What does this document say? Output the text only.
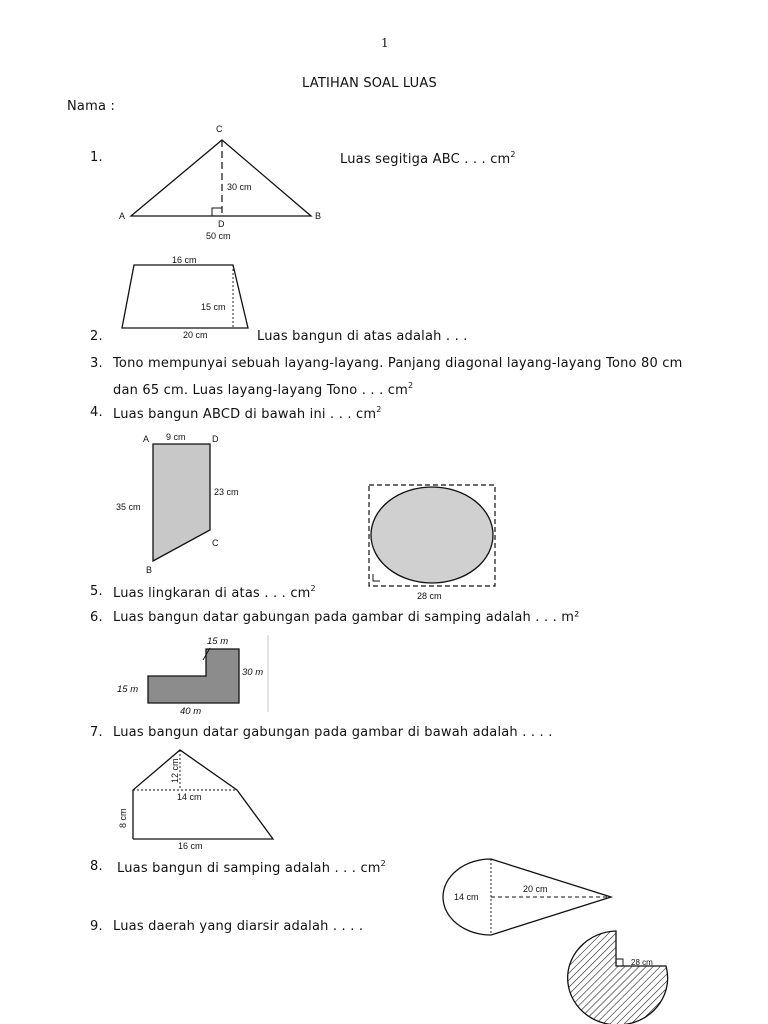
1
LATIHAN SOAL LUAS
Nama :
1.	Luas segitiga ABC . . . $cm^2$
2.	Luas bangun di atas adalah . . .
3. Tono mempunyai sebuah layang-layang. Panjang diagonal layang-layang Tono 80 cm
dan 65 cm. Luas layang-layang Tono . . . $cm^2$
4. Luas bangun ABCD di bawah ini . . . $cm^2$
5. Luas lingkaran di atas . . . $cm^2$
6. Luas bangun datar gabungan pada gambar di samping adalah . . . m²
7. Luas bangun datar gabungan pada gambar di bawah adalah . . . .
8. Luas bangun di samping adalah . . . $cm^2$
9. Luas daerah yang diarsir adalah . . . .
C
A	B
D
30 cm
50 cm
16 cm
15 cm
20 cm
A	D
B
C
9 cm
35 cm
23 cm
28 cm
15 m
30 m
15 m
40 m
12 cm
14 cm
8 cm
16 cm
14 cm
20 cm
28 cm
